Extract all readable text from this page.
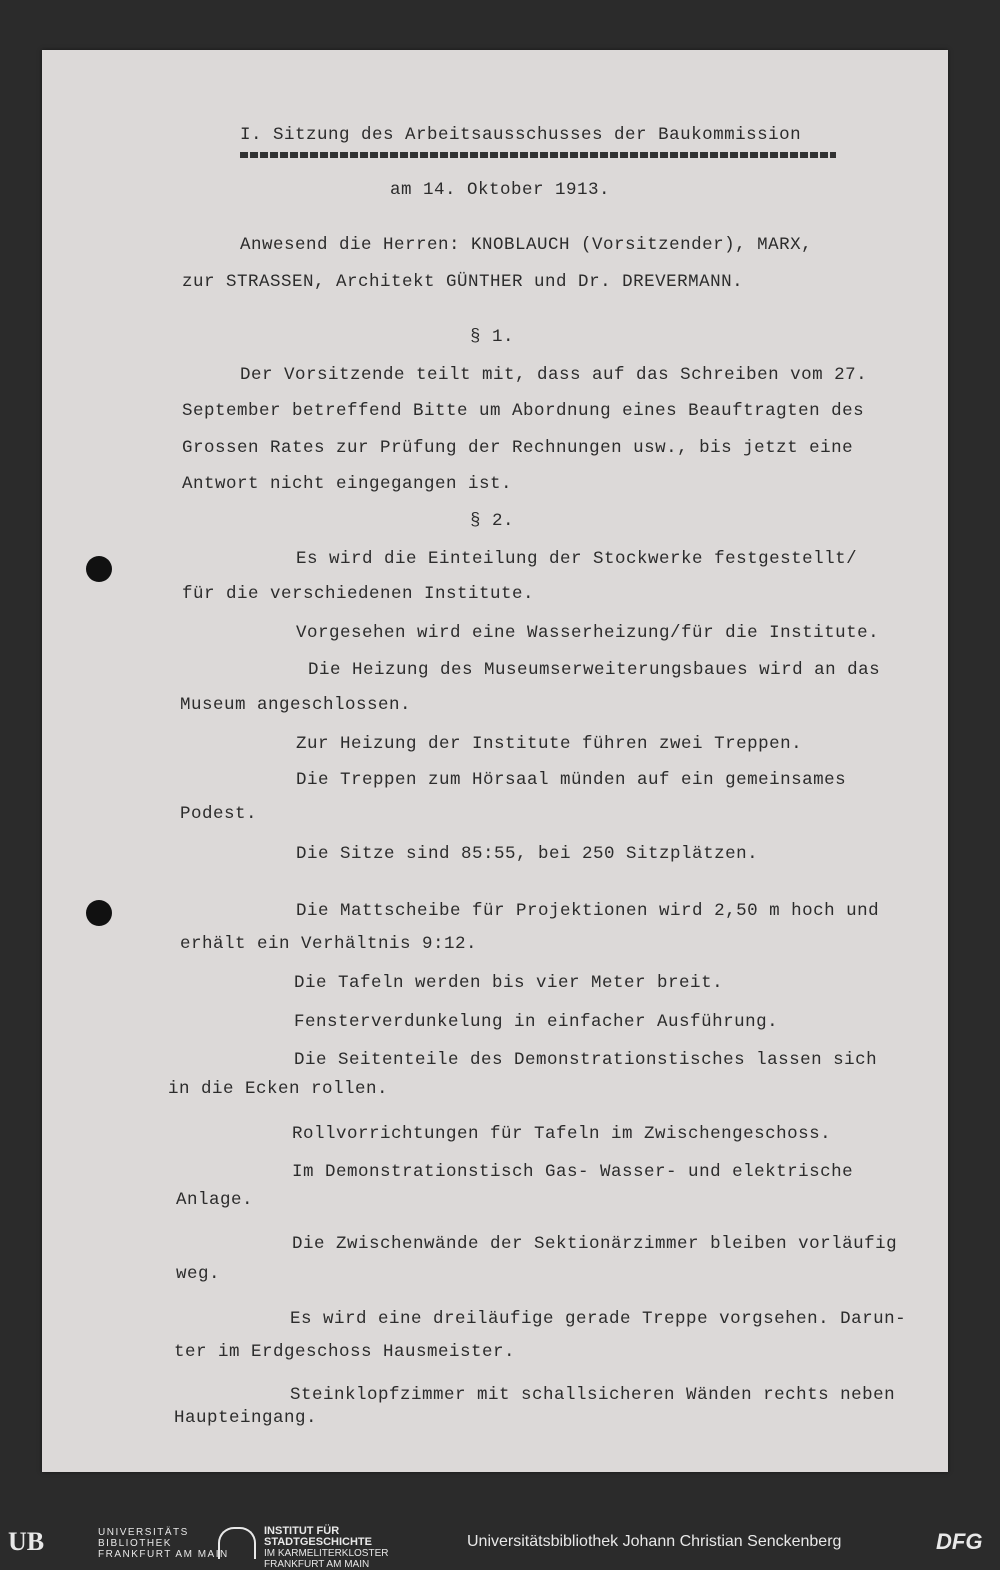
I. Sitzung des Arbeitsausschusses der Baukommission
am 14. Oktober 1913.
Anwesend die Herren: KNOBLAUCH (Vorsitzender), MARX,
zur STRASSEN, Architekt GÜNTHER und Dr. DREVERMANN.
§ 1.
Der Vorsitzende teilt mit, dass auf das Schreiben vom 27.
September betreffend Bitte um Abordnung eines Beauftragten des
Grossen Rates zur Prüfung der Rechnungen usw., bis jetzt eine
Antwort nicht eingegangen ist.
§ 2.
Es wird die Einteilung der Stockwerke festgestellt/
für die verschiedenen Institute.
Vorgesehen wird eine Wasserheizung/für die Institute.
Die Heizung des Museumserweiterungsbaues wird an das
Museum angeschlossen.
Zur Heizung der Institute führen zwei Treppen.
Die Treppen zum Hörsaal münden auf ein gemeinsames
Podest.
Die Sitze sind 85:55, bei 250 Sitzplätzen.
Die Mattscheibe für Projektionen wird 2,50 m hoch und
erhält ein Verhältnis 9:12.
Die Tafeln werden bis vier Meter breit.
Fensterverdunkelung in einfacher Ausführung.
Die Seitenteile des Demonstrationstisches lassen sich
in die Ecken rollen.
Rollvorrichtungen für Tafeln im Zwischengeschoss.
Im Demonstrationstisch Gas- Wasser- und elektrische
Anlage.
Die Zwischenwände der Sektionärzimmer bleiben vorläufig
weg.
Es wird eine dreiläufige gerade Treppe vorgsehen. Darun-
ter im Erdgeschoss Hausmeister.
Steinklopfzimmer mit schallsicheren Wänden rechts neben
Haupteingang.
UB	UNIVERSITÄTS
BIBLIOTHEK
FRANKFURT AM MAIN
INSTITUT FÜR
STADTGESCHICHTE
IM KARMELITERKLOSTER
FRANKFURT AM MAIN
Universitätsbibliothek Johann Christian Senckenberg	DFG
